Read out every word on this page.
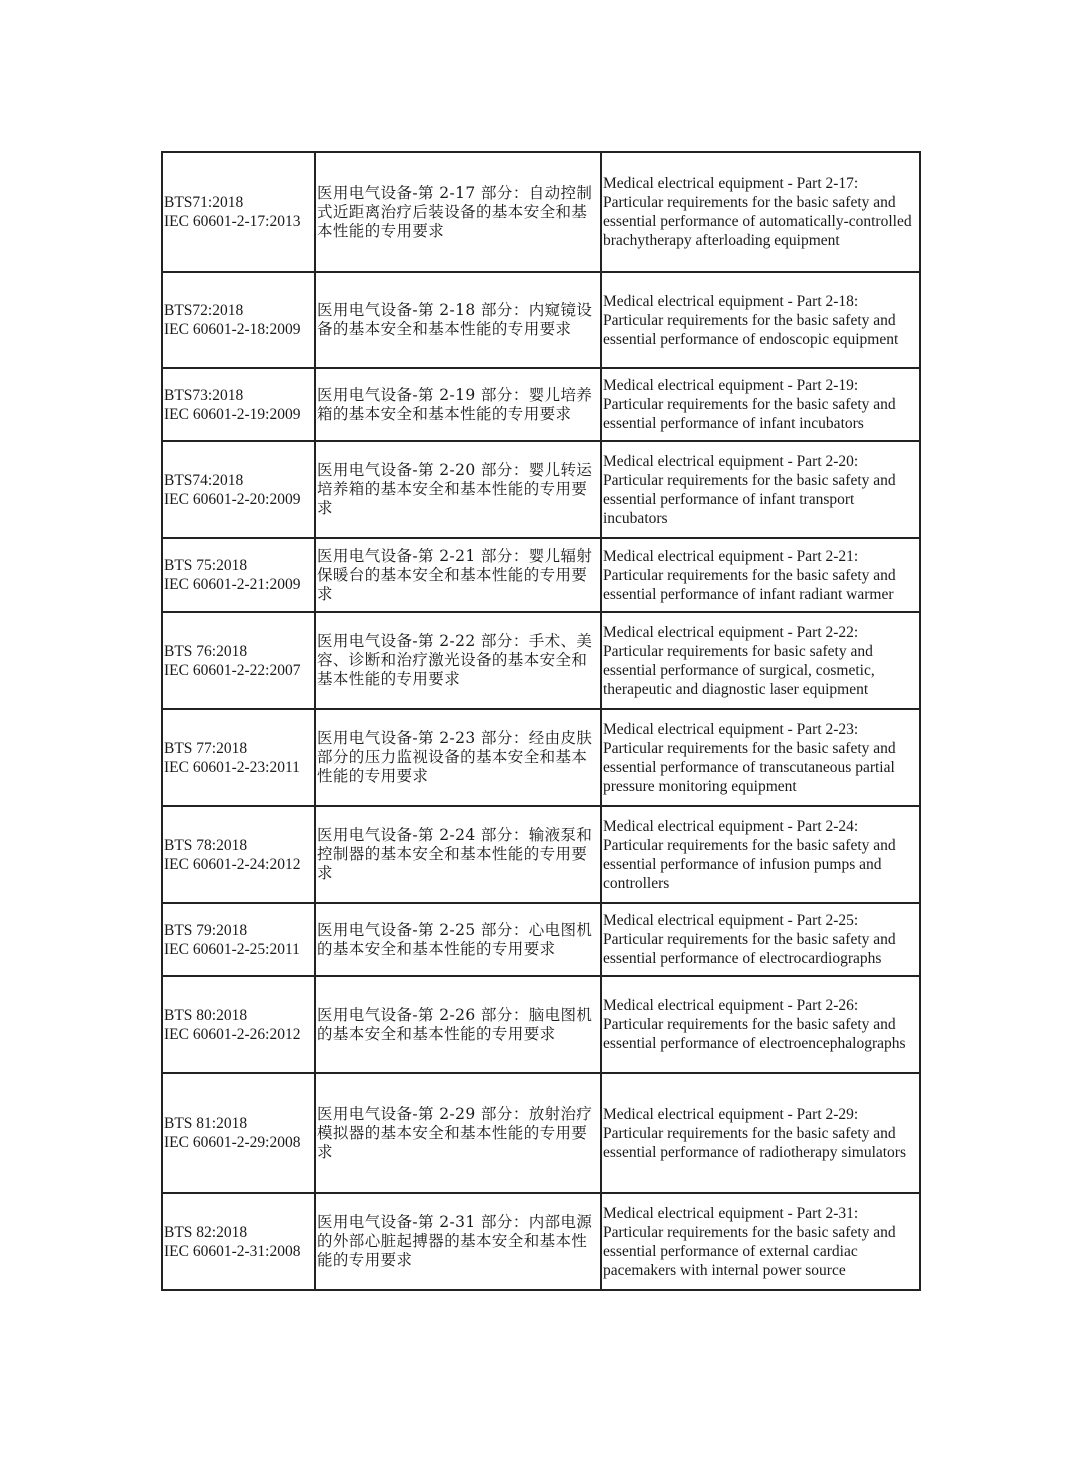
BTS71:2018
IEC 60601-2-17:2013	医用电气设备-第 2-17 部分：自动控制式近距离治疗后装设备的基本安全和基本性能的专用要求	Medical electrical equipment - Part 2-17: Particular requirements for the basic safety and essential performance of automatically-controlled brachytherapy afterloading equipment

BTS72:2018
IEC 60601-2-18:2009	医用电气设备-第 2-18 部分：内窥镜设备的基本安全和基本性能的专用要求	Medical electrical equipment - Part 2-18: Particular requirements for the basic safety and essential performance of endoscopic equipment

BTS73:2018
IEC 60601-2-19:2009	医用电气设备-第 2-19 部分：婴儿培养箱的基本安全和基本性能的专用要求	Medical electrical equipment - Part 2-19: Particular requirements for the basic safety and essential performance of infant incubators

BTS74:2018
IEC 60601-2-20:2009	医用电气设备-第 2-20 部分：婴儿转运培养箱的基本安全和基本性能的专用要求	Medical electrical equipment - Part 2-20: Particular requirements for the basic safety and essential performance of infant transport incubators

BTS 75:2018
IEC 60601-2-21:2009	医用电气设备-第 2-21 部分：婴儿辐射保暖台的基本安全和基本性能的专用要求	Medical electrical equipment - Part 2-21: Particular requirements for the basic safety and essential performance of infant radiant warmer

BTS 76:2018
IEC 60601-2-22:2007	医用电气设备-第 2-22 部分：手术、美容、诊断和治疗激光设备的基本安全和基本性能的专用要求	Medical electrical equipment - Part 2-22: Particular requirements for basic safety and essential performance of surgical, cosmetic, therapeutic and diagnostic laser equipment

BTS 77:2018
IEC 60601-2-23:2011	医用电气设备-第 2-23 部分：经由皮肤部分的压力监视设备的基本安全和基本性能的专用要求	Medical electrical equipment - Part 2-23: Particular requirements for the basic safety and essential performance of transcutaneous partial pressure monitoring equipment

BTS 78:2018
IEC 60601-2-24:2012	医用电气设备-第 2-24 部分：输液泵和控制器的基本安全和基本性能的专用要求	Medical electrical equipment - Part 2-24: Particular requirements for the basic safety and essential performance of infusion pumps and controllers

BTS 79:2018
IEC 60601-2-25:2011	医用电气设备-第 2-25 部分：心电图机的基本安全和基本性能的专用要求	Medical electrical equipment - Part 2-25: Particular requirements for the basic safety and essential performance of electrocardiographs

BTS 80:2018
IEC 60601-2-26:2012	医用电气设备-第 2-26 部分：脑电图机的基本安全和基本性能的专用要求	Medical electrical equipment - Part 2-26: Particular requirements for the basic safety and essential performance of electroencephalographs

BTS 81:2018
IEC 60601-2-29:2008	医用电气设备-第 2-29 部分：放射治疗模拟器的基本安全和基本性能的专用要求	Medical electrical equipment - Part 2-29: Particular requirements for the basic safety and essential performance of radiotherapy simulators

BTS 82:2018
IEC 60601-2-31:2008	医用电气设备-第 2-31 部分：内部电源的外部心脏起搏器的基本安全和基本性能的专用要求	Medical electrical equipment - Part 2-31: Particular requirements for the basic safety and essential performance of external cardiac pacemakers with internal power source
